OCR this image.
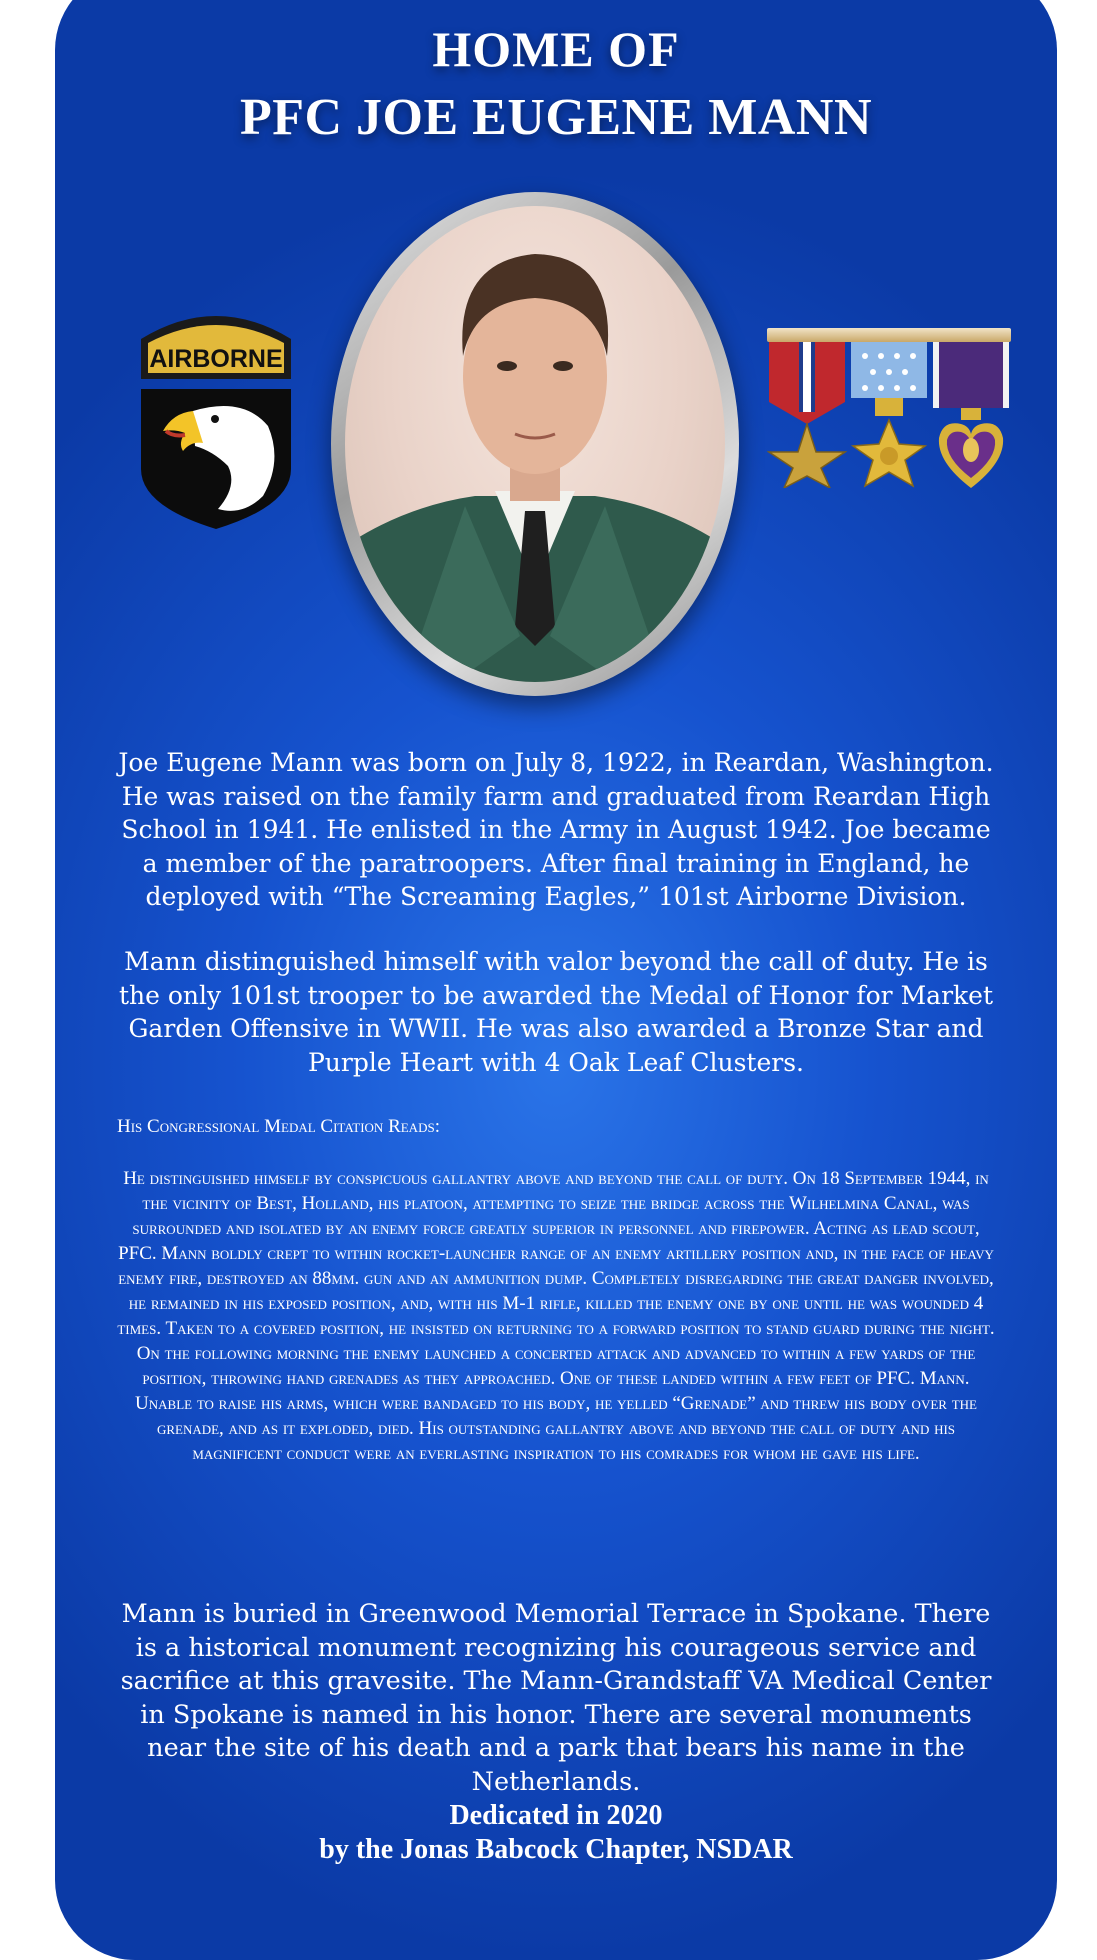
HOME OF
PFC JOE EUGENE MANN
AIRBORNE

Joe Eugene Mann was born on July 8, 1922, in Reardan, Washington. He was raised on the family farm and graduated from Reardan High School in 1941. He enlisted in the Army in August 1942. Joe became a member of the paratroopers. After final training in England, he deployed with “The Screaming Eagles,” 101st Airborne Division.

Mann distinguished himself with valor beyond the call of duty. He is the only 101st trooper to be awarded the Medal of Honor for Market Garden Offensive in WWII. He was also awarded a Bronze Star and Purple Heart with 4 Oak Leaf Clusters.

His Congressional Medal Citation Reads:

He distinguished himself by conspicuous gallantry above and beyond the call of duty. On 18 September 1944, in the vicinity of Best, Holland, his platoon, attempting to seize the bridge across the Wilhelmina Canal, was surrounded and isolated by an enemy force greatly superior in personnel and firepower. Acting as lead scout, PFC. Mann boldly crept to within rocket-launcher range of an enemy artillery position and, in the face of heavy enemy fire, destroyed an 88mm. gun and an ammunition dump. Completely disregarding the great danger involved, he remained in his exposed position, and, with his M-1 rifle, killed the enemy one by one until he was wounded 4 times. Taken to a covered position, he insisted on returning to a forward position to stand guard during the night. On the following morning the enemy launched a concerted attack and advanced to within a few yards of the position, throwing hand grenades as they approached. One of these landed within a few feet of PFC. Mann. Unable to raise his arms, which were bandaged to his body, he yelled “Grenade” and threw his body over the grenade, and as it exploded, died. His outstanding gallantry above and beyond the call of duty and his magnificent conduct were an everlasting inspiration to his comrades for whom he gave his life.

Mann is buried in Greenwood Memorial Terrace in Spokane. There is a historical monument recognizing his courageous service and sacrifice at this gravesite. The Mann-Grandstaff VA Medical Center in Spokane is named in his honor. There are several monuments near the site of his death and a park that bears his name in the Netherlands.

Dedicated in 2020

by the Jonas Babcock Chapter, NSDAR
